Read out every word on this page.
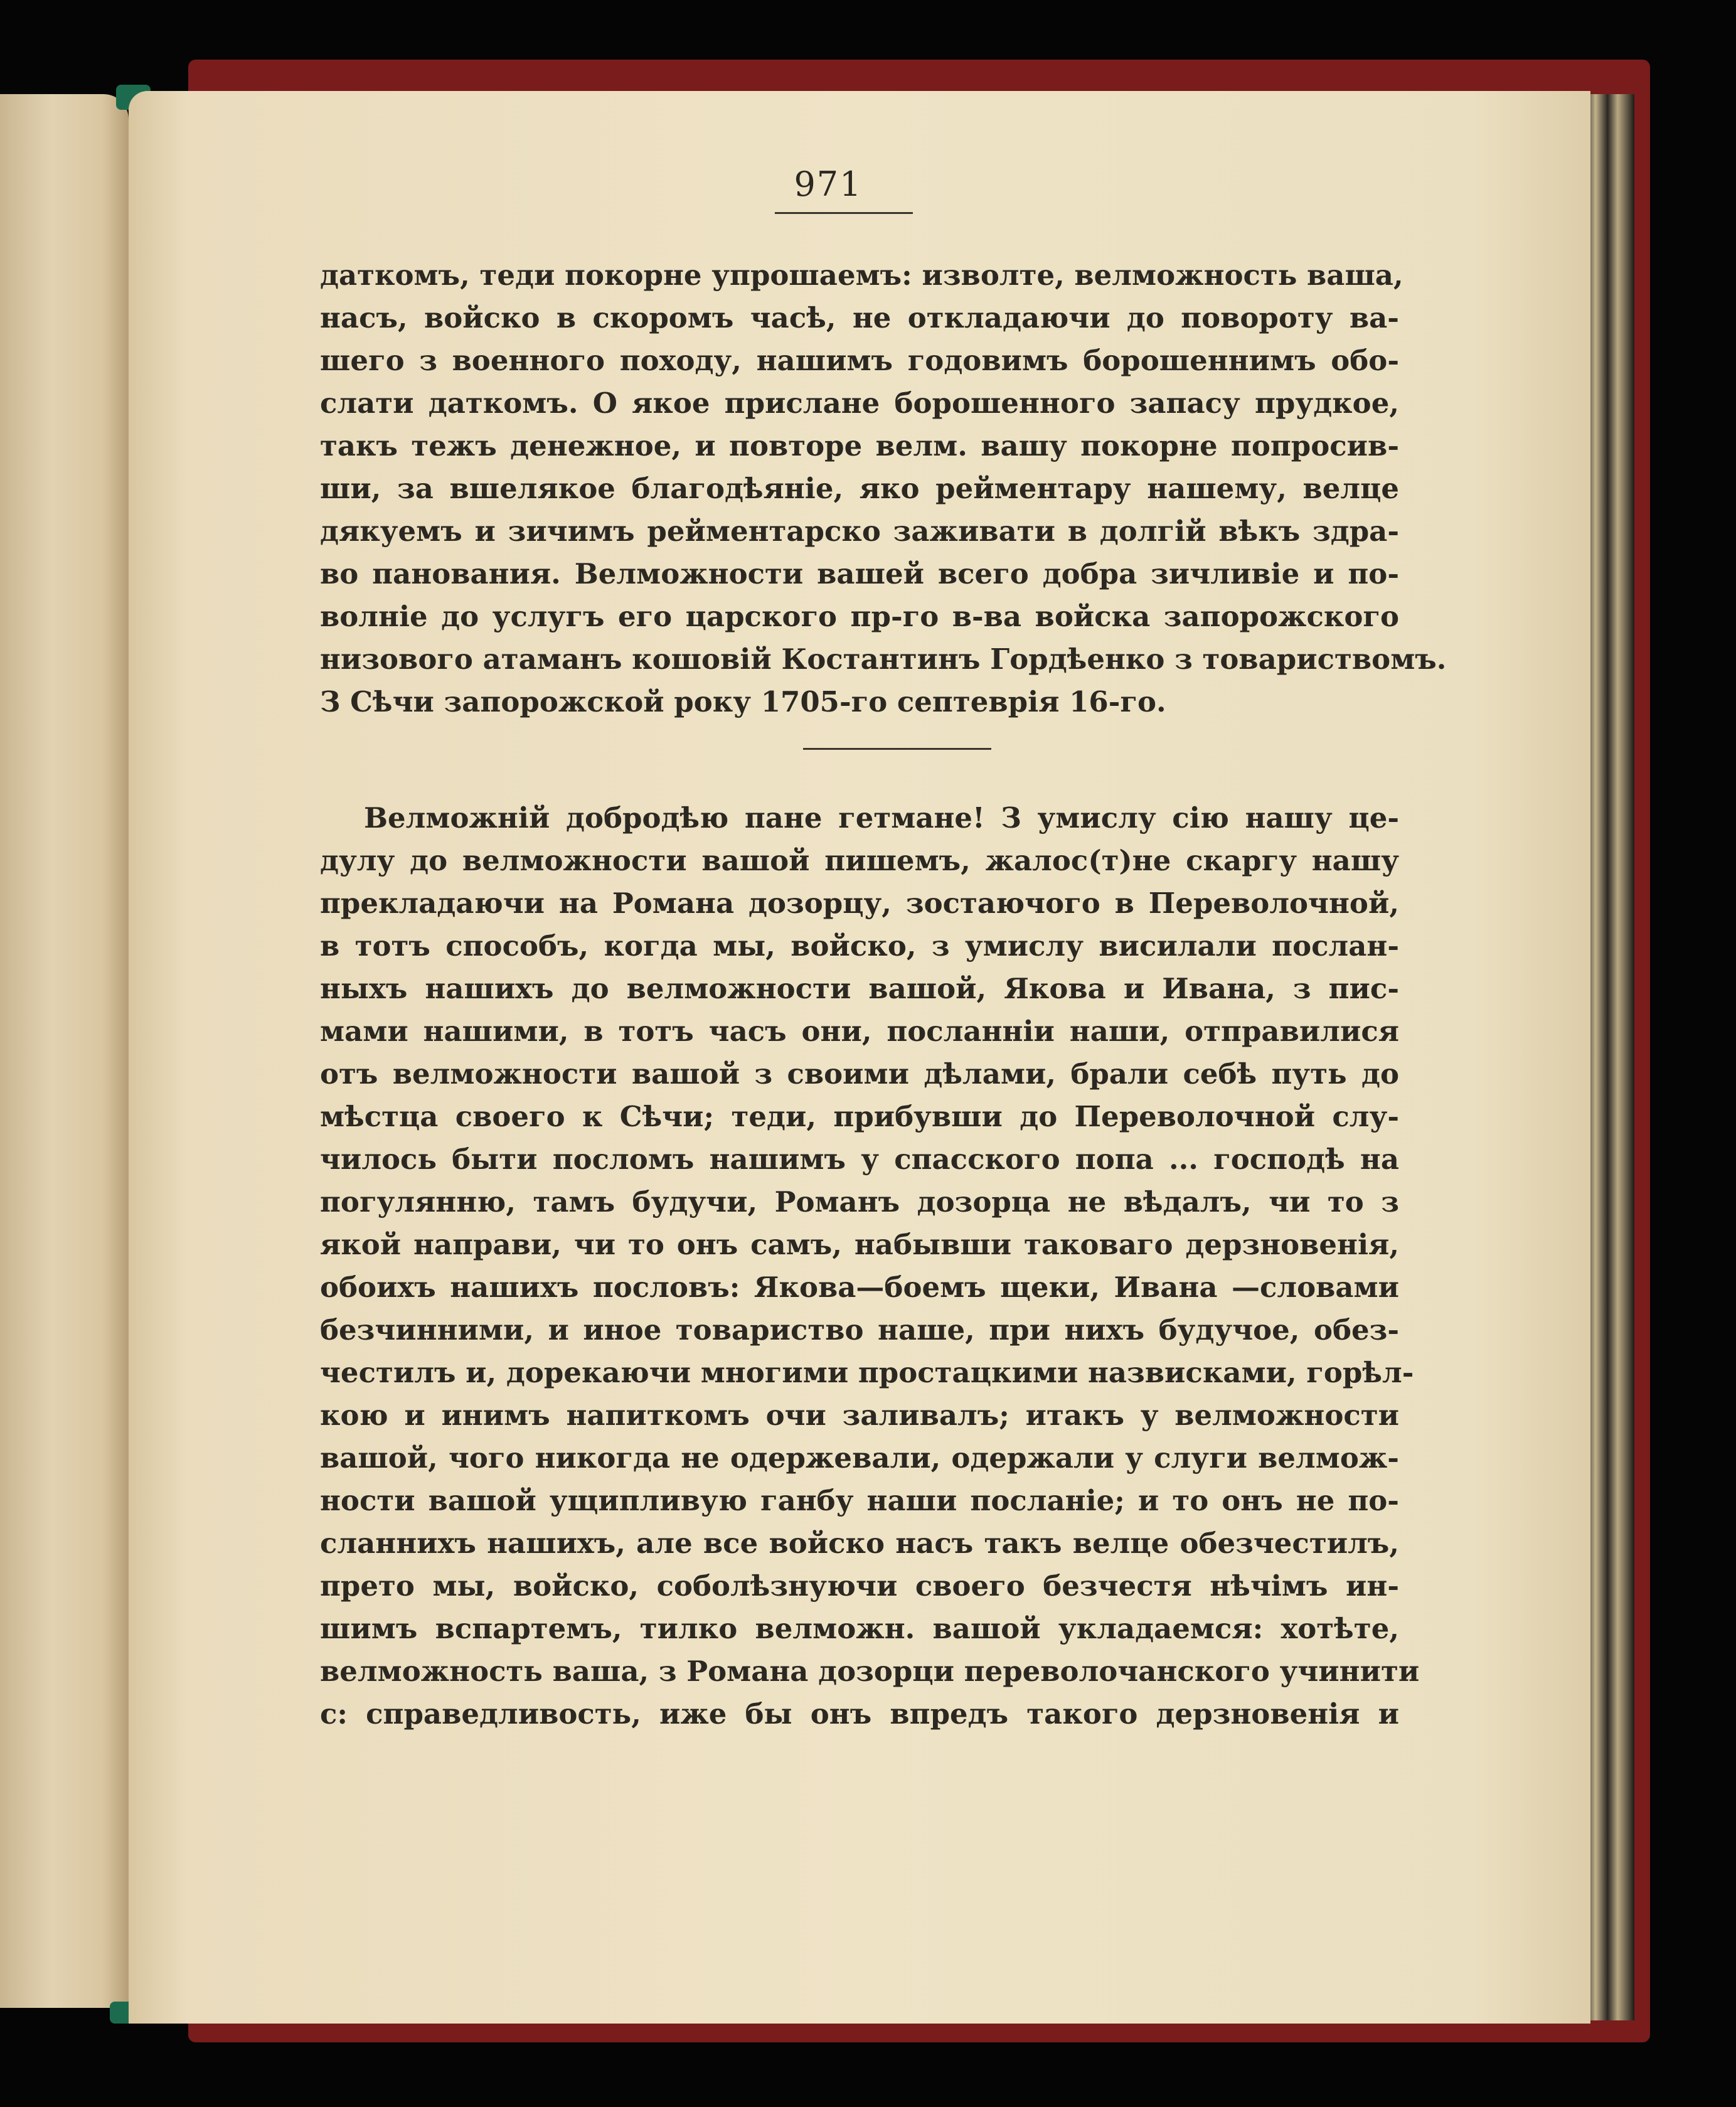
971
даткомъ, теди покорне упрошаемъ: изволте, велможность ваша,
насъ, войско в скоромъ часѣ, не откладаючи до повороту ва-
шего з военного походу, нашимъ годовимъ борошеннимъ обо-
слати даткомъ. О якое прислане борошенного запасу прудкое,
такъ тежъ денежное, и повторе велм. вашу покорне попросив-
ши, за вшелякое благодѣяніе, яко рейментару нашему, велце
дякуемъ и зичимъ рейментарско заживати в долгій вѣкъ здра-
во панования. Велможности вашей всего добра зичливіе и по-
волніе до услугъ его царского пр-го в-ва войска запорожского
низового атаманъ кошовій Костантинъ Гордѣенко з товариствомъ.
З Сѣчи запорожской року 1705-го септеврія 16-го.
Велможній добродѣю пане гетмане! З умислу сію нашу це-
дулу до велможности вашой пишемъ, жалос(т)не скаргу нашу
прекладаючи на Романа дозорцу, зостаючого в Переволочной,
в тотъ способъ, когда мы, войско, з умислу висилали послан-
ныхъ нашихъ до велможности вашой, Якова и Ивана, з пис-
мами нашими, в тотъ часъ они, посланніи наши, отправилися
отъ велможности вашой з своими дѣлами, брали себѣ путь до
мѣстца своего к Сѣчи; теди, прибувши до Переволочной слу-
чилось быти посломъ нашимъ у спасского попа ... господѣ на
погулянню, тамъ будучи, Романъ дозорца не вѣдалъ, чи то з
якой направи, чи то онъ самъ, набывши таковаго дерзновенія,
обоихъ нашихъ пословъ: Якова—боемъ щеки, Ивана —словами
безчинними, и иное товариство наше, при нихъ будучое, обез-
честилъ и, дорекаючи многими простацкими назвисками, горѣл-
кою и инимъ напиткомъ очи заливалъ; итакъ у велможности
вашой, чого никогда не одержевали, одержали у слуги велмож-
ности вашой ущипливую ганбу наши посланіе; и то онъ не по-
сланнихъ нашихъ, але все войско насъ такъ велце обезчестилъ,
прето мы, войско, соболѣзнуючи своего безчестя нѣчімъ ин-
шимъ вспартемъ, тилко велможн. вашой укладаемся: хотѣте,
велможность ваша, з Романа дозорци переволочанского учинити
с: справедливость, иже бы онъ впредъ такого дерзновенія и
